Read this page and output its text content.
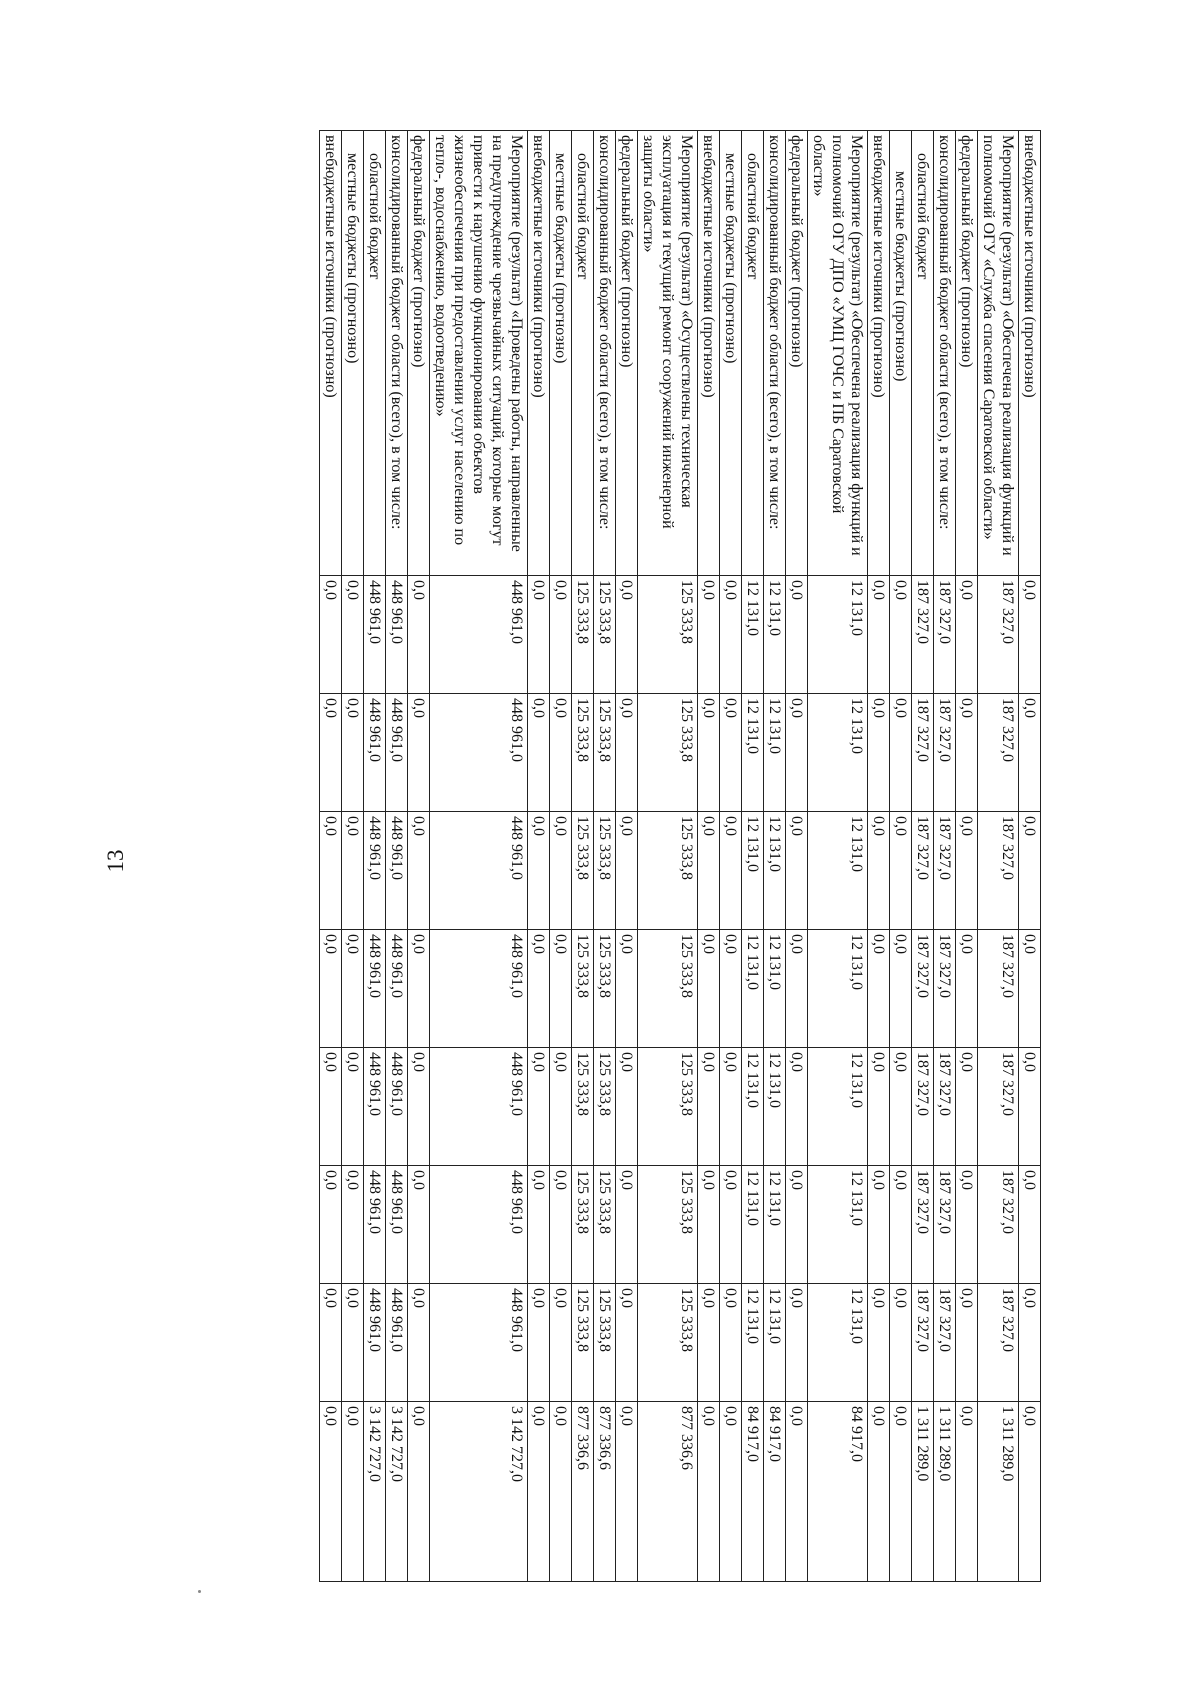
13
внебюджетные источники (прогнозно)	0,0	0,0	0,0	0,0	0,0	0,0	0,0	0,0
Мероприятие (результат) «Обеспечена реализация функций и полномочий ОГУ «Служба спасения Саратовской области»	187 327,0	187 327,0	187 327,0	187 327,0	187 327,0	187 327,0	187 327,0	1 311 289,0
федеральный бюджет (прогнозно)	0,0	0,0	0,0	0,0	0,0	0,0	0,0	0,0
консолидированный бюджет области (всего), в том числе:	187 327,0	187 327,0	187 327,0	187 327,0	187 327,0	187 327,0	187 327,0	1 311 289,0
областной бюджет	187 327,0	187 327,0	187 327,0	187 327,0	187 327,0	187 327,0	187 327,0	1 311 289,0
местные бюджеты (прогнозно)	0,0	0,0	0,0	0,0	0,0	0,0	0,0	0,0
внебюджетные источники (прогнозно)	0,0	0,0	0,0	0,0	0,0	0,0	0,0	0,0
Мероприятие (результат) «Обеспечена реализация функций и полномочий ОГУ ДПО «УМЦ ГОЧС и ПБ Саратовской области»	12 131,0	12 131,0	12 131,0	12 131,0	12 131,0	12 131,0	12 131,0	84 917,0
федеральный бюджет (прогнозно)	0,0	0,0	0,0	0,0	0,0	0,0	0,0	0,0
консолидированный бюджет области (всего), в том числе:	12 131,0	12 131,0	12 131,0	12 131,0	12 131,0	12 131,0	12 131,0	84 917,0
областной бюджет	12 131,0	12 131,0	12 131,0	12 131,0	12 131,0	12 131,0	12 131,0	84 917,0
местные бюджеты (прогнозно)	0,0	0,0	0,0	0,0	0,0	0,0	0,0	0,0
внебюджетные источники (прогнозно)	0,0	0,0	0,0	0,0	0,0	0,0	0,0	0,0
Мероприятие (результат) «Осуществлены техническая эксплуатация и текущий ремонт сооружений инженерной защиты области»	125 333,8	125 333,8	125 333,8	125 333,8	125 333,8	125 333,8	125 333,8	877 336,6
федеральный бюджет (прогнозно)	0,0	0,0	0,0	0,0	0,0	0,0	0,0	0,0
консолидированный бюджет области (всего), в том числе:	125 333,8	125 333,8	125 333,8	125 333,8	125 333,8	125 333,8	125 333,8	877 336,6
областной бюджет	125 333,8	125 333,8	125 333,8	125 333,8	125 333,8	125 333,8	125 333,8	877 336,6
местные бюджеты (прогнозно)	0,0	0,0	0,0	0,0	0,0	0,0	0,0	0,0
внебюджетные источники (прогнозно)	0,0	0,0	0,0	0,0	0,0	0,0	0,0	0,0
Мероприятие (результат) «Проведены работы, направленные на предупреждение чрезвычайных ситуаций, которые могут привести к нарушению функционирования объектов жизнеобеспечения при предоставлении услуг населению по тепло-, водоснабжению, водоотведению»	448 961,0	448 961,0	448 961,0	448 961,0	448 961,0	448 961,0	448 961,0	3 142 727,0
федеральный бюджет (прогнозно)	0,0	0,0	0,0	0,0	0,0	0,0	0,0	0,0
консолидированный бюджет области (всего), в том числе:	448 961,0	448 961,0	448 961,0	448 961,0	448 961,0	448 961,0	448 961,0	3 142 727,0
областной бюджет	448 961,0	448 961,0	448 961,0	448 961,0	448 961,0	448 961,0	448 961,0	3 142 727,0
местные бюджеты (прогнозно)	0,0	0,0	0,0	0,0	0,0	0,0	0,0	0,0
внебюджетные источники (прогнозно)	0,0	0,0	0,0	0,0	0,0	0,0	0,0	0,0
